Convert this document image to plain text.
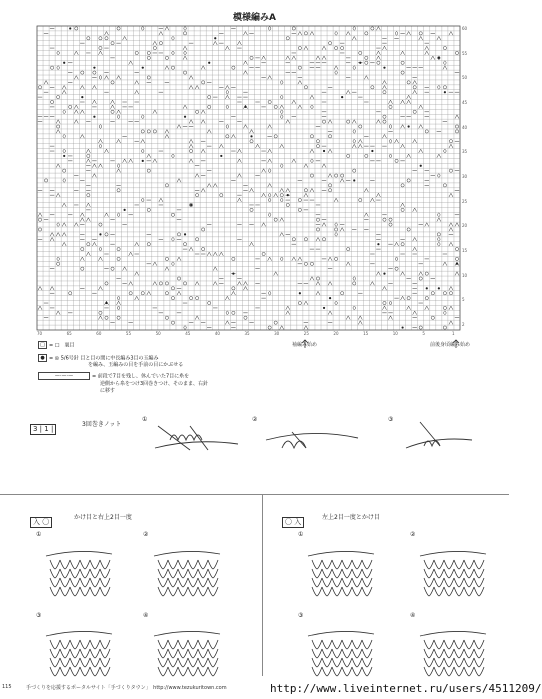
模様編みA
60
55
50
45
40
35
30
25
20
15
10
5
2
70	65	60	55	50	45	40	35	30	25	20	15	10	5	1
袖編み始め	前後身頃編み始め
□ = □　裏目
● = ◎ 5/6号針 目と目の間に中長編み3目の玉編み
を編み、玉編みの目を手前の目にかぶせる
—·—·—	= 前段で7目を残し、休んでいた7目に糸を
逆側から糸をつけ3回巻きつけ、そのまま、右針
に移す
3 | 1 |
3回巻きノット
①	②	③
入 〇
かけ目と右上2目一度
①	②
③	④
〇 入
左上2目一度とかけ目
①	②
③	④
115	手づくりを応援するポータルサイト「手づくりタウン」　http://www.tezukuritown.com	http://www.liveinternet.ru/users/4511209/
